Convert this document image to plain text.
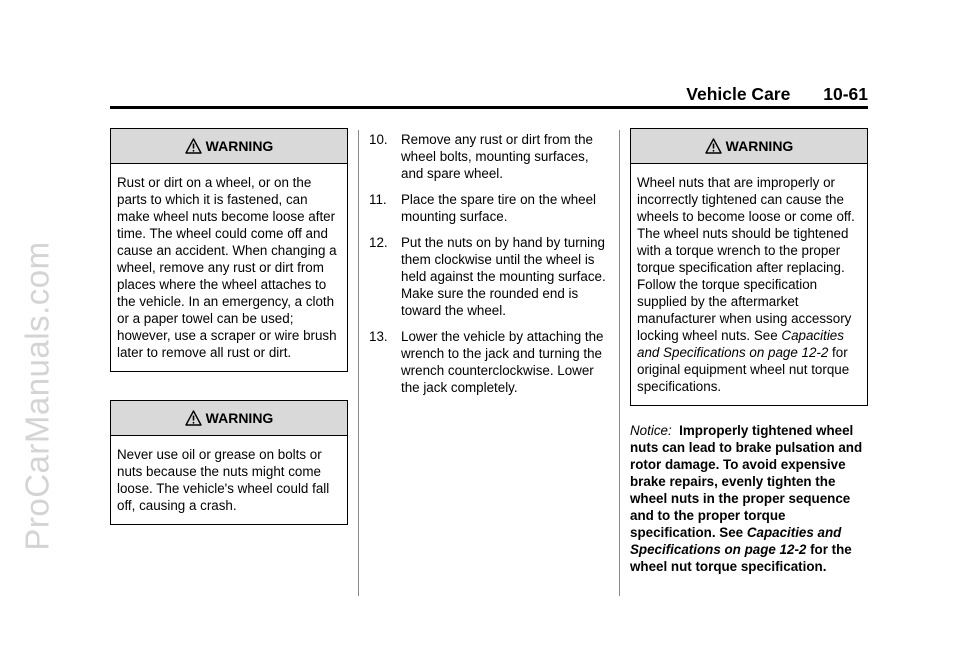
ProCarManuals.com
Vehicle Care 10-61
WARNING
Rust or dirt on a wheel, or on the parts to which it is fastened, can make wheel nuts become loose after time. The wheel could come off and cause an accident. When changing a wheel, remove any rust or dirt from places where the wheel attaches to the vehicle. In an emergency, a cloth or a paper towel can be used; however, use a scraper or wire brush later to remove all rust or dirt.
WARNING
Never use oil or grease on bolts or nuts because the nuts might come loose. The vehicle's wheel could fall off, causing a crash.
10. Remove any rust or dirt from the wheel bolts, mounting surfaces, and spare wheel.
11.	Place the spare tire on the wheel mounting surface.
12. Put the nuts on by hand by turning them clockwise until the wheel is held against the mounting surface. Make sure the rounded end is toward the wheel.
13. Lower the vehicle by attaching the wrench to the jack and turning the wrench counterclockwise. Lower the jack completely.
WARNING
Wheel nuts that are improperly or incorrectly tightened can cause the wheels to become loose or come off. The wheel nuts should be tightened with a torque wrench to the proper torque specification after replacing. Follow the torque specification supplied by the aftermarket manufacturer when using accessory locking wheel nuts. See Capacities and Specifications on page 12-2 for original equipment wheel nut torque specifications.
Notice:  Improperly tightened wheel nuts can lead to brake pulsation and rotor damage. To avoid expensive brake repairs, evenly tighten the wheel nuts in the proper sequence and to the proper torque specification. See Capacities and Specifications on page 12-2 for the wheel nut torque specification.
